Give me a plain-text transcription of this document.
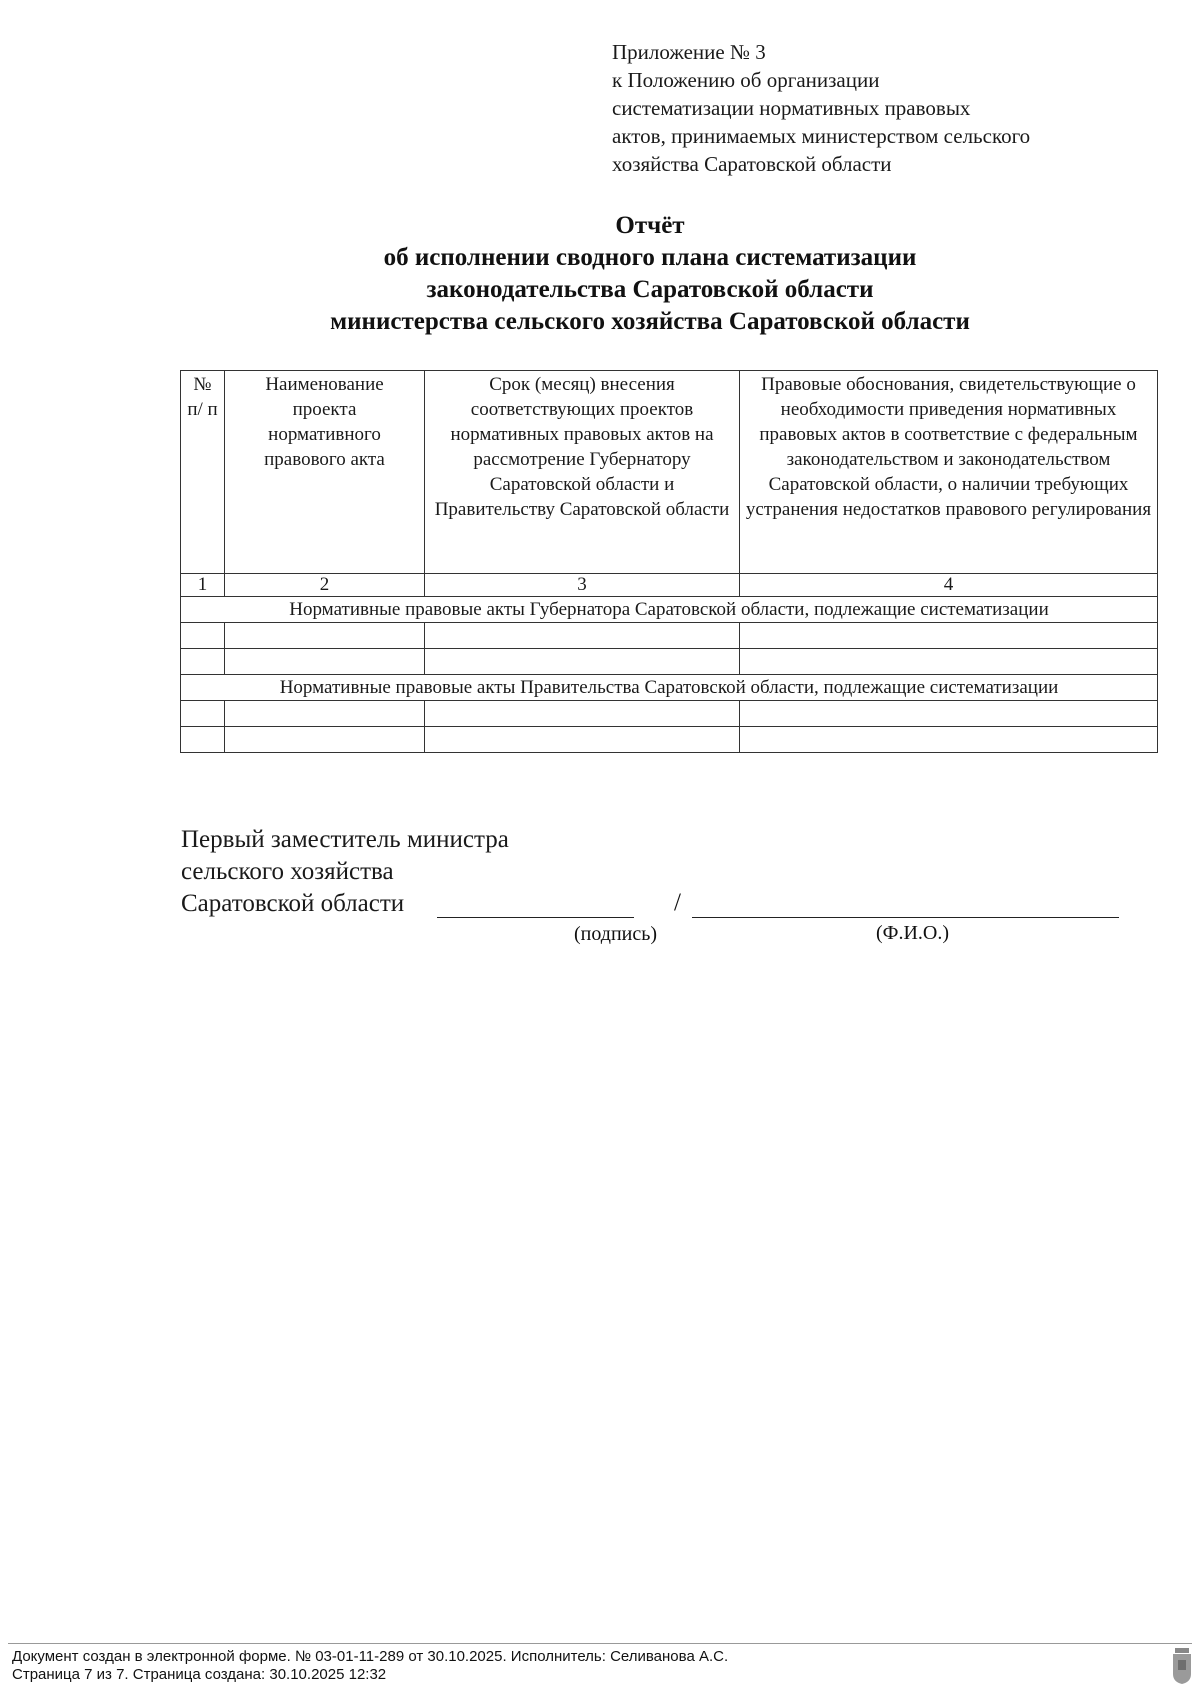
Приложение № 3
к Положению об организации
систематизации нормативных правовых
актов, принимаемых министерством сельского
хозяйства Саратовской области
Отчёт
об исполнении сводного плана систематизации
законодательства Саратовской области
министерства сельского хозяйства Саратовской области
№ п/ п	Наименование проекта нормативного правового акта	Срок (месяц) внесения соответствующих проектов нормативных правовых актов на рассмотрение Губернатору Саратовской области и Правительству Саратовской области	Правовые обоснования, свидетельствующие о необходимости приведения нормативных правовых актов в соответствие с федеральным законодательством и законодательством Саратовской области, о наличии требующих устранения недостатков правового регулирования
1	2	3	4
Нормативные правовые акты Губернатора Саратовской области, подлежащие систематизации			

Нормативные правовые акты Правительства Саратовской области, подлежащие систематизации			

Первый заместитель министра
сельского хозяйства
Саратовской области	/
(подпись)	(Ф.И.О.)
Документ создан в электронной форме. № 03-01-11-289 от 30.10.2025. Исполнитель: Селиванова А.С.
Страница 7 из 7. Страница создана: 30.10.2025 12:32
